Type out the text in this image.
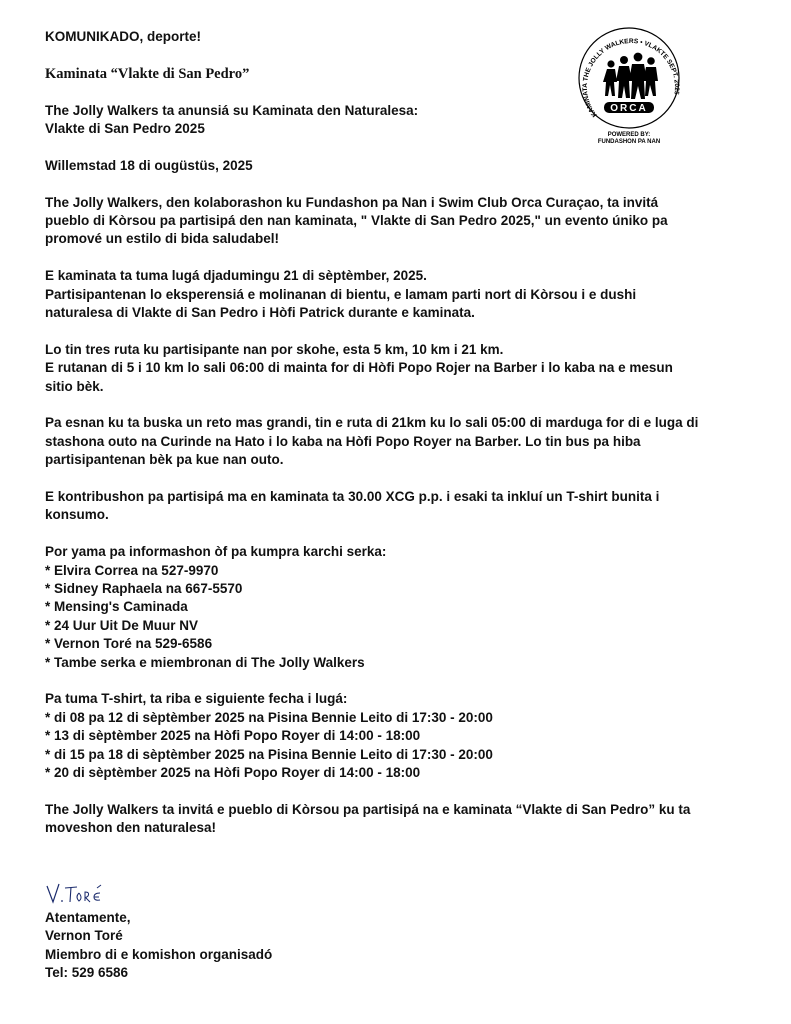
KOMUNIKADO, deporte!
Kaminata “Vlakte di San Pedro”
The Jolly Walkers ta anunsiá su Kaminata den Naturalesa:
Vlakte di San Pedro 2025
Willemstad 18 di ougüstüs, 2025
The Jolly Walkers, den kolaborashon ku Fundashon pa Nan i Swim Club Orca Curaçao, ta invitá
pueblo di Kòrsou pa partisipá den nan kaminata, " Vlakte di San Pedro 2025," un evento úniko pa
promové un estilo di bida saludabel!
E kaminata ta tuma lugá djadumingu 21 di sèptèmber, 2025.
Partisipantenan lo eksperensiá e molinanan di bientu, e lamam parti nort di Kòrsou i e dushi
naturalesa di Vlakte di San Pedro i Hòfi Patrick durante e kaminata.
Lo tin tres ruta ku partisipante nan por skohe, esta 5 km, 10 km i 21 km.
E rutanan di 5 i 10 km lo sali 06:00 di mainta for di Hòfi Popo Rojer na Barber i lo kaba na e mesun
sitio bèk.
Pa esnan ku ta buska un reto mas grandi, tin e ruta di 21km ku lo sali 05:00 di marduga for di e luga di
stashona outo na Curinde na Hato i lo kaba na Hòfi Popo Royer na Barber. Lo tin bus pa hiba
partisipantenan bèk pa kue nan outo.
E kontribushon pa partisipá ma en kaminata ta 30.00 XCG p.p. i esaki ta inkluí un T-shirt bunita i
konsumo.
Por yama pa informashon òf pa kumpra karchi serka:
* Elvira Correa na 527-9970
* Sidney Raphaela na 667-5570
* Mensing's Caminada
* 24 Uur Uit De Muur NV
* Vernon Toré na 529-6586
* Tambe serka e miembronan di The Jolly Walkers
Pa tuma T-shirt, ta riba e siguiente fecha i lugá:
* di 08 pa 12 di sèptèmber 2025 na Pisina Bennie Leito di 17:30 - 20:00
* 13 di sèptèmber 2025 na Hòfi Popo Royer di 14:00 - 18:00
* di 15 pa 18 di sèptèmber 2025 na Pisina Bennie Leito di 17:30 - 20:00
* 20 di sèptèmber 2025 na Hòfi Popo Royer di 14:00 - 18:00
The Jolly Walkers ta invitá e pueblo di Kòrsou pa partisipá na e kaminata “Vlakte di San Pedro” ku ta
moveshon den naturalesa!
Atentamente,
Vernon Toré
Miembro di e komishon organisadó
Tel: 529 6586
KAMINATA THE JOLLY WALKERS • VLAKTE SEPT. 2025
ORCA
POWERED BY:
FUNDASHON PA NAN
